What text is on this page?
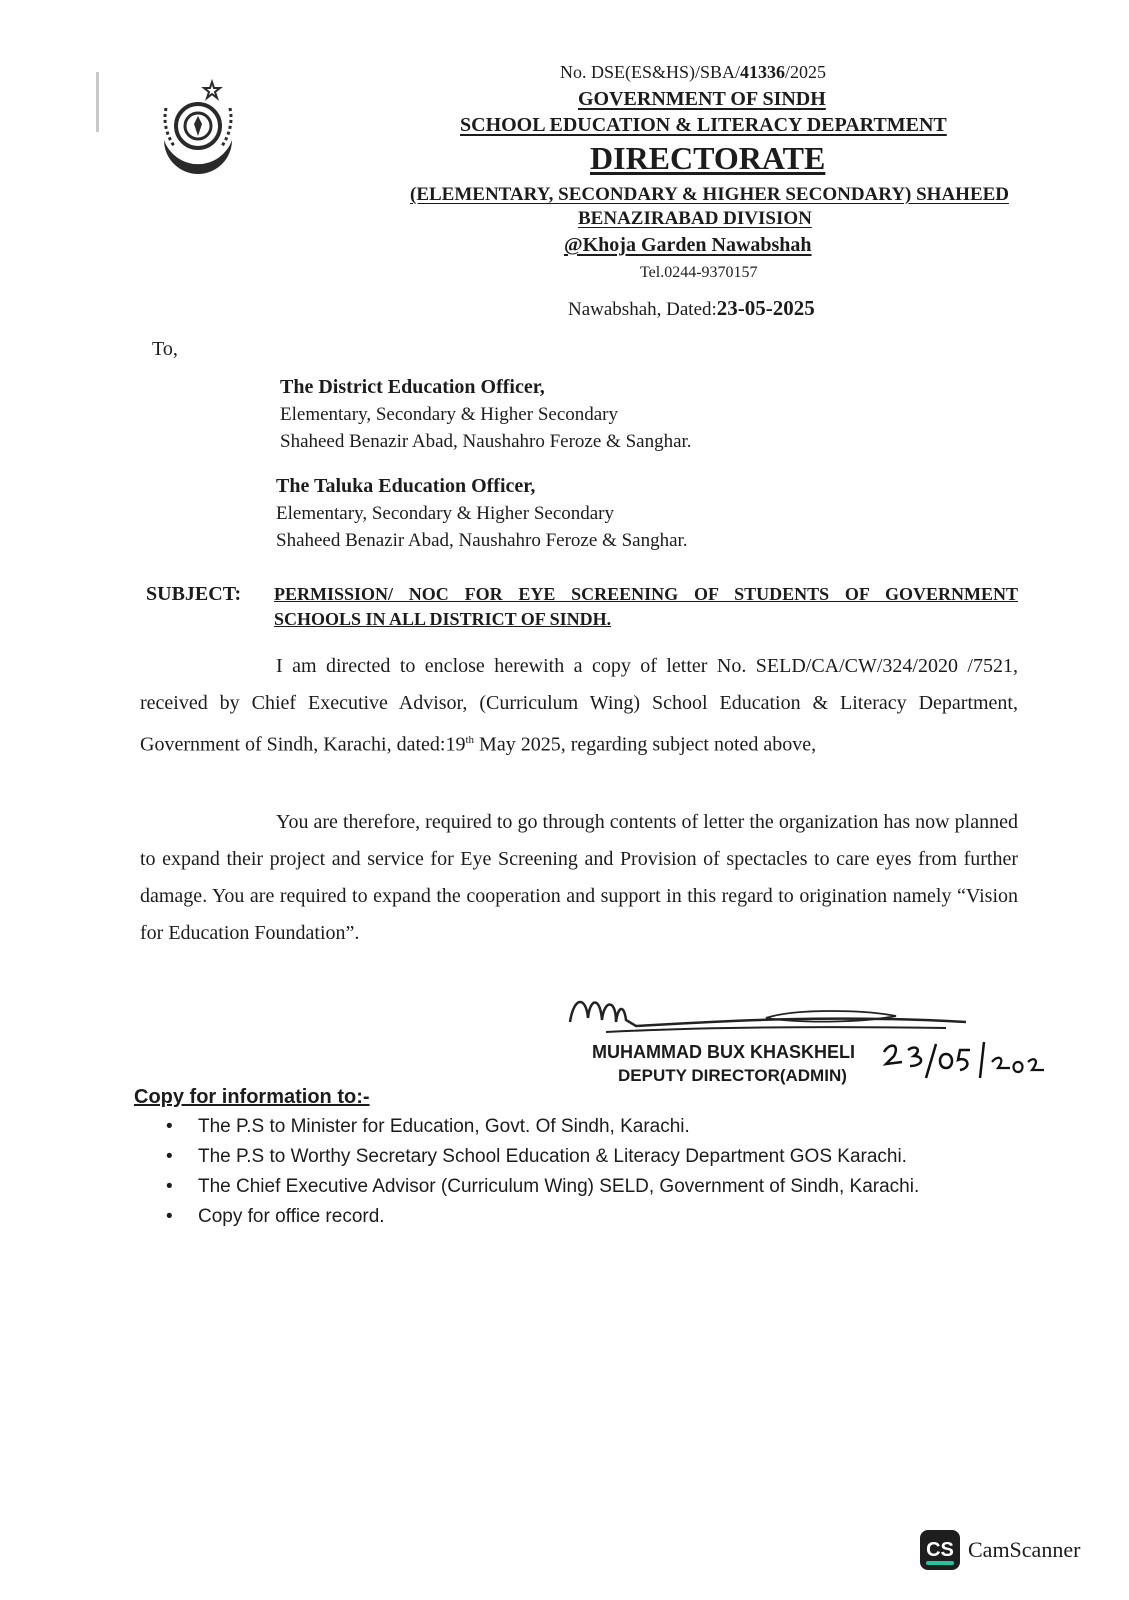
No. DSE(ES&HS)/SBA/41336/2025
GOVERNMENT OF SINDH
SCHOOL EDUCATION & LITERACY DEPARTMENT
DIRECTORATE
(ELEMENTARY, SECONDARY & HIGHER SECONDARY) SHAHEED
BENAZIRABAD DIVISION
@Khoja Garden Nawabshah
Tel.0244-9370157
Nawabshah, Dated:23-05-2025
To,
The District Education Officer,
Elementary, Secondary & Higher Secondary
Shaheed Benazir Abad, Naushahro Feroze & Sanghar.
The Taluka Education Officer,
Elementary, Secondary & Higher Secondary
Shaheed Benazir Abad, Naushahro Feroze & Sanghar.
SUBJECT: PERMISSION/ NOC FOR EYE SCREENING OF STUDENTS OF GOVERNMENT SCHOOLS IN ALL DISTRICT OF SINDH.
I am directed to enclose herewith a copy of letter No. SELD/CA/CW/324/2020 /7521, received by Chief Executive Advisor, (Curriculum Wing) School Education & Literacy Department, Government of Sindh, Karachi, dated:19th May 2025, regarding subject noted above,
You are therefore, required to go through contents of letter the organization has now planned to expand their project and service for Eye Screening and Provision of spectacles to care eyes from further damage. You are required to expand the cooperation and support in this regard to origination namely “Vision for Education Foundation”.
MUHAMMAD BUX KHASKHELI
DEPUTY DIRECTOR(ADMIN)
Copy for information to:-
• The P.S to Minister for Education, Govt. Of Sindh, Karachi.
• The P.S to Worthy Secretary School Education & Literacy Department GOS Karachi.
• The Chief Executive Advisor (Curriculum Wing) SELD, Government of Sindh, Karachi.
• Copy for office record.
CS CamScanner
